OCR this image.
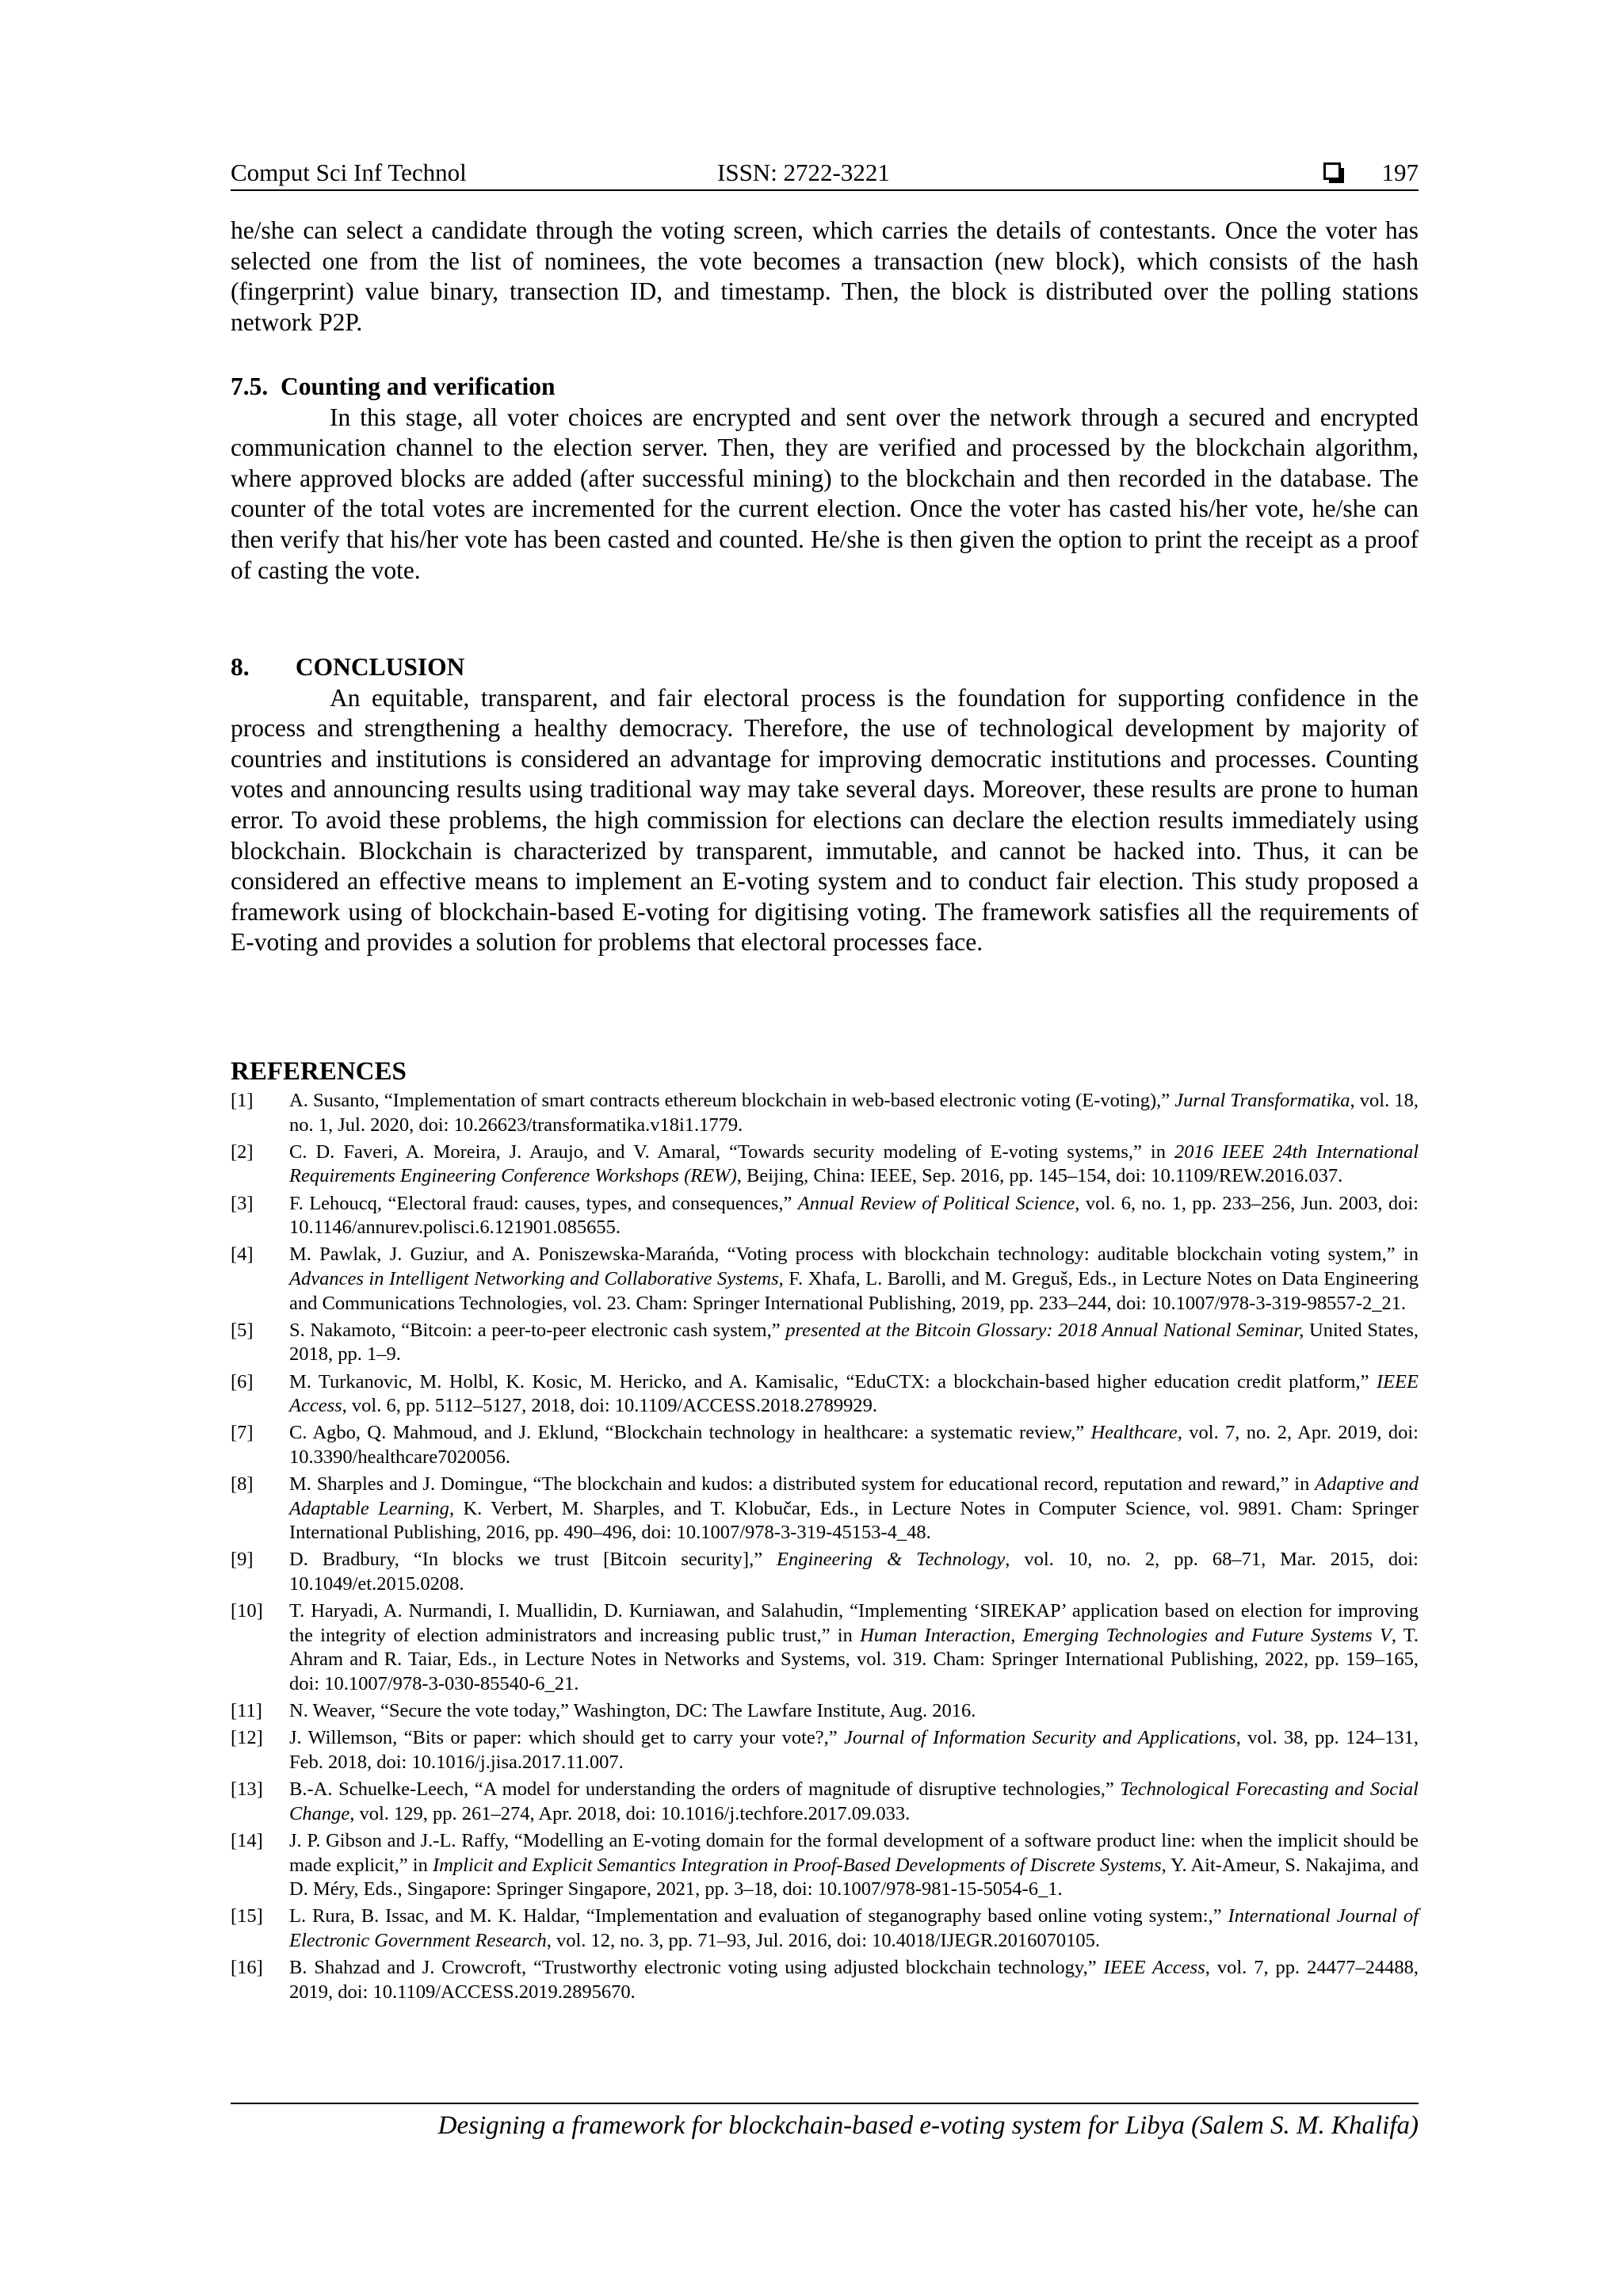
Comput Sci Inf Technol	ISSN: 2722-3221	197

he/she can select a candidate through the voting screen, which carries the details of contestants. Once the voter has selected one from the list of nominees, the vote becomes a transaction (new block), which consists of the hash (fingerprint) value binary, transection ID, and timestamp. Then, the block is distributed over the polling stations network P2P.

7.5. Counting and verification

In this stage, all voter choices are encrypted and sent over the network through a secured and encrypted communication channel to the election server. Then, they are verified and processed by the blockchain algorithm, where approved blocks are added (after successful mining) to the blockchain and then recorded in the database. The counter of the total votes are incremented for the current election. Once the voter has casted his/her vote, he/she can then verify that his/her vote has been casted and counted. He/she is then given the option to print the receipt as a proof of casting the vote.

8. CONCLUSION

An equitable, transparent, and fair electoral process is the foundation for supporting confidence in the process and strengthening a healthy democracy. Therefore, the use of technological development by majority of countries and institutions is considered an advantage for improving democratic institutions and processes. Counting votes and announcing results using traditional way may take several days. Moreover, these results are prone to human error. To avoid these problems, the high commission for elections can declare the election results immediately using blockchain. Blockchain is characterized by transparent, immutable, and cannot be hacked into. Thus, it can be considered an effective means to implement an E-voting system and to conduct fair election. This study proposed a framework using of blockchain-based E-voting for digitising voting. The framework satisfies all the requirements of E-voting and provides a solution for problems that electoral processes face.

REFERENCES

[1]	A. Susanto, “Implementation of smart contracts ethereum blockchain in web-based electronic voting (E-voting),” Jurnal Transformatika, vol. 18, no. 1, Jul. 2020, doi: 10.26623/transformatika.v18i1.1779.
[2]	C. D. Faveri, A. Moreira, J. Araujo, and V. Amaral, “Towards security modeling of E-voting systems,” in 2016 IEEE 24th International Requirements Engineering Conference Workshops (REW), Beijing, China: IEEE, Sep. 2016, pp. 145–154, doi: 10.1109/REW.2016.037.
[3]	F. Lehoucq, “Electoral fraud: causes, types, and consequences,” Annual Review of Political Science, vol. 6, no. 1, pp. 233–256, Jun. 2003, doi: 10.1146/annurev.polisci.6.121901.085655.
[4]	M. Pawlak, J. Guziur, and A. Poniszewska-Marańda, “Voting process with blockchain technology: auditable blockchain voting system,” in Advances in Intelligent Networking and Collaborative Systems, F. Xhafa, L. Barolli, and M. Greguš, Eds., in Lecture Notes on Data Engineering and Communications Technologies, vol. 23. Cham: Springer International Publishing, 2019, pp. 233–244, doi: 10.1007/978-3-319-98557-2_21.
[5]	S. Nakamoto, “Bitcoin: a peer-to-peer electronic cash system,” presented at the Bitcoin Glossary: 2018 Annual National Seminar, United States, 2018, pp. 1–9.
[6]	M. Turkanovic, M. Holbl, K. Kosic, M. Hericko, and A. Kamisalic, “EduCTX: a blockchain-based higher education credit platform,” IEEE Access, vol. 6, pp. 5112–5127, 2018, doi: 10.1109/ACCESS.2018.2789929.
[7]	C. Agbo, Q. Mahmoud, and J. Eklund, “Blockchain technology in healthcare: a systematic review,” Healthcare, vol. 7, no. 2, Apr. 2019, doi: 10.3390/healthcare7020056.
[8]	M. Sharples and J. Domingue, “The blockchain and kudos: a distributed system for educational record, reputation and reward,” in Adaptive and Adaptable Learning, K. Verbert, M. Sharples, and T. Klobučar, Eds., in Lecture Notes in Computer Science, vol. 9891. Cham: Springer International Publishing, 2016, pp. 490–496, doi: 10.1007/978-3-319-45153-4_48.
[9]	D. Bradbury, “In blocks we trust [Bitcoin security],” Engineering & Technology, vol. 10, no. 2, pp. 68–71, Mar. 2015, doi: 10.1049/et.2015.0208.
[10]	T. Haryadi, A. Nurmandi, I. Muallidin, D. Kurniawan, and Salahudin, “Implementing ‘SIREKAP’ application based on election for improving the integrity of election administrators and increasing public trust,” in Human Interaction, Emerging Technologies and Future Systems V, T. Ahram and R. Taiar, Eds., in Lecture Notes in Networks and Systems, vol. 319. Cham: Springer International Publishing, 2022, pp. 159–165, doi: 10.1007/978-3-030-85540-6_21.
[11]	N. Weaver, “Secure the vote today,” Washington, DC: The Lawfare Institute, Aug. 2016.
[12]	J. Willemson, “Bits or paper: which should get to carry your vote?,” Journal of Information Security and Applications, vol. 38, pp. 124–131, Feb. 2018, doi: 10.1016/j.jisa.2017.11.007.
[13]	B.-A. Schuelke-Leech, “A model for understanding the orders of magnitude of disruptive technologies,” Technological Forecasting and Social Change, vol. 129, pp. 261–274, Apr. 2018, doi: 10.1016/j.techfore.2017.09.033.
[14]	J. P. Gibson and J.-L. Raffy, “Modelling an E-voting domain for the formal development of a software product line: when the implicit should be made explicit,” in Implicit and Explicit Semantics Integration in Proof-Based Developments of Discrete Systems, Y. Ait-Ameur, S. Nakajima, and D. Méry, Eds., Singapore: Springer Singapore, 2021, pp. 3–18, doi: 10.1007/978-981-15-5054-6_1.
[15]	L. Rura, B. Issac, and M. K. Haldar, “Implementation and evaluation of steganography based online voting system:,” International Journal of Electronic Government Research, vol. 12, no. 3, pp. 71–93, Jul. 2016, doi: 10.4018/IJEGR.2016070105.
[16]	B. Shahzad and J. Crowcroft, “Trustworthy electronic voting using adjusted blockchain technology,” IEEE Access, vol. 7, pp. 24477–24488, 2019, doi: 10.1109/ACCESS.2019.2895670.
Designing a framework for blockchain-based e-voting system for Libya (Salem S. M. Khalifa)
